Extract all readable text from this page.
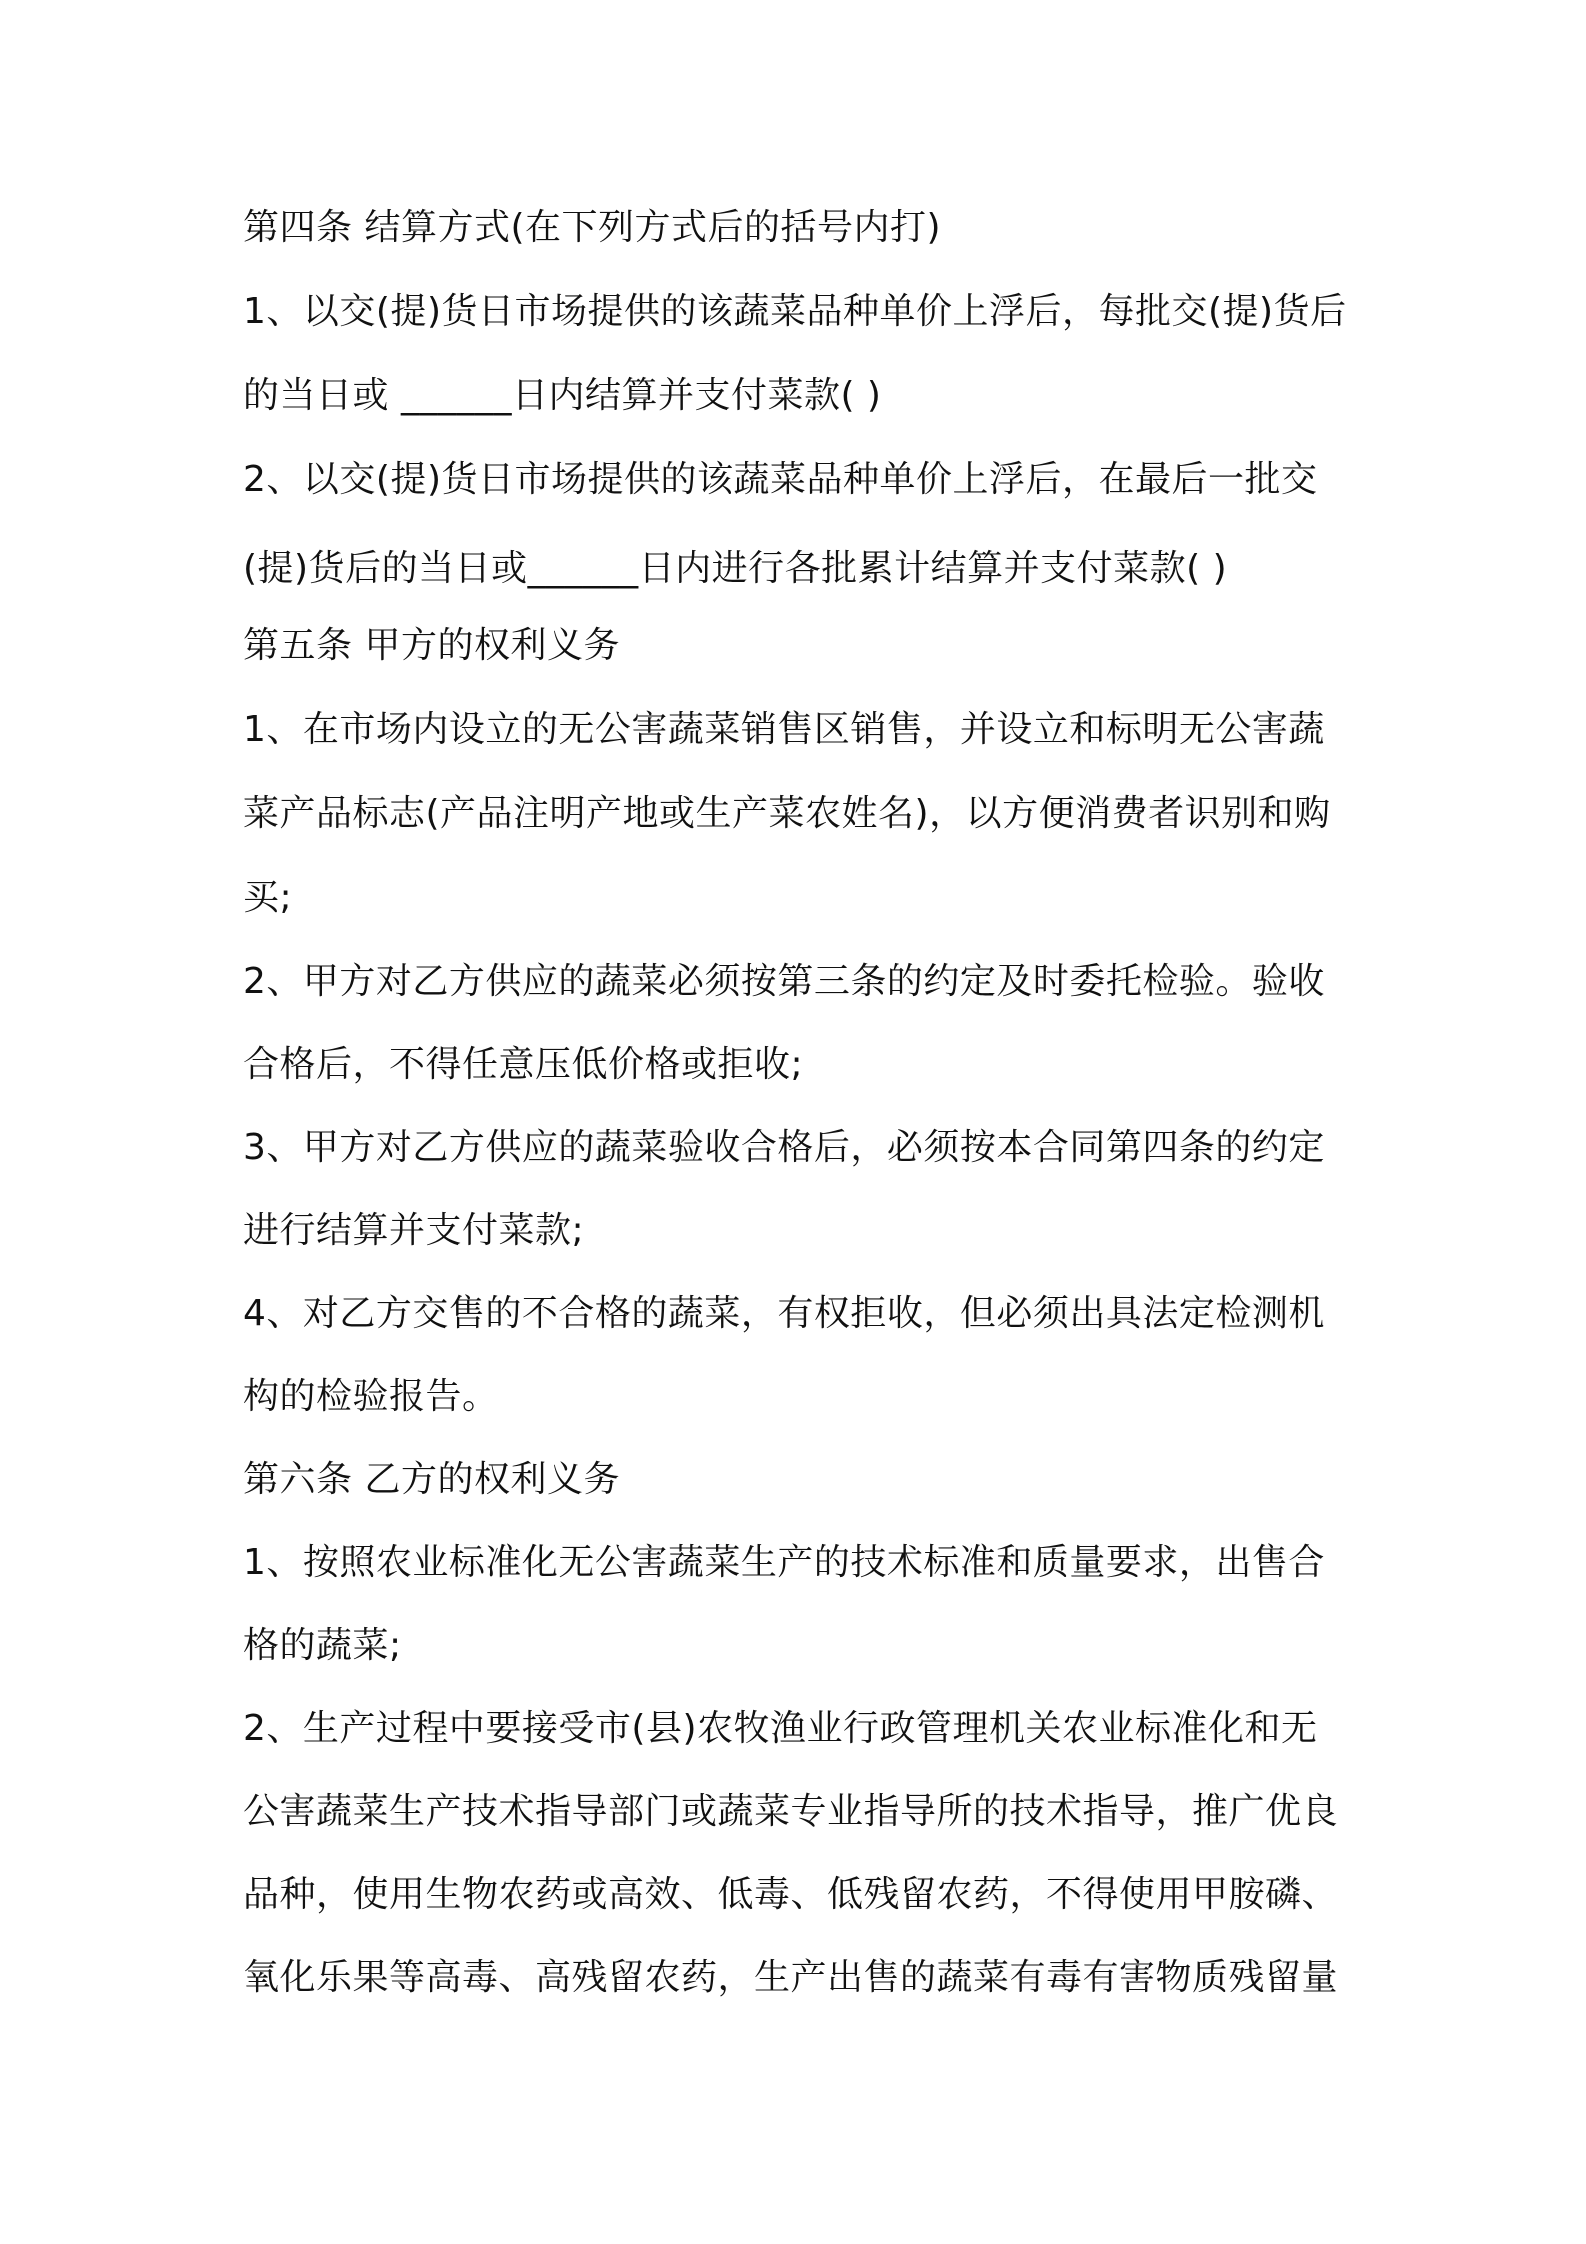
第四条 结算方式(在下列方式后的括号内打)
1、以交(提)货日市场提供的该蔬菜品种单价上浮后，每批交(提)货后
的当日或 ______日内结算并支付菜款( )
2、以交(提)货日市场提供的该蔬菜品种单价上浮后，在最后一批交
(提)货后的当日或______日内进行各批累计结算并支付菜款( )
第五条 甲方的权利义务
1、在市场内设立的无公害蔬菜销售区销售，并设立和标明无公害蔬
菜产品标志(产品注明产地或生产菜农姓名)，以方便消费者识别和购
买;
2、甲方对乙方供应的蔬菜必须按第三条的约定及时委托检验。验收
合格后，不得任意压低价格或拒收;
3、甲方对乙方供应的蔬菜验收合格后，必须按本合同第四条的约定
进行结算并支付菜款;
4、对乙方交售的不合格的蔬菜，有权拒收，但必须出具法定检测机
构的检验报告。
第六条 乙方的权利义务
1、按照农业标准化无公害蔬菜生产的技术标准和质量要求，出售合
格的蔬菜;
2、生产过程中要接受市(县)农牧渔业行政管理机关农业标准化和无
公害蔬菜生产技术指导部门或蔬菜专业指导所的技术指导，推广优良
品种，使用生物农药或高效、低毒、低残留农药，不得使用甲胺磷、
氧化乐果等高毒、高残留农药，生产出售的蔬菜有毒有害物质残留量
